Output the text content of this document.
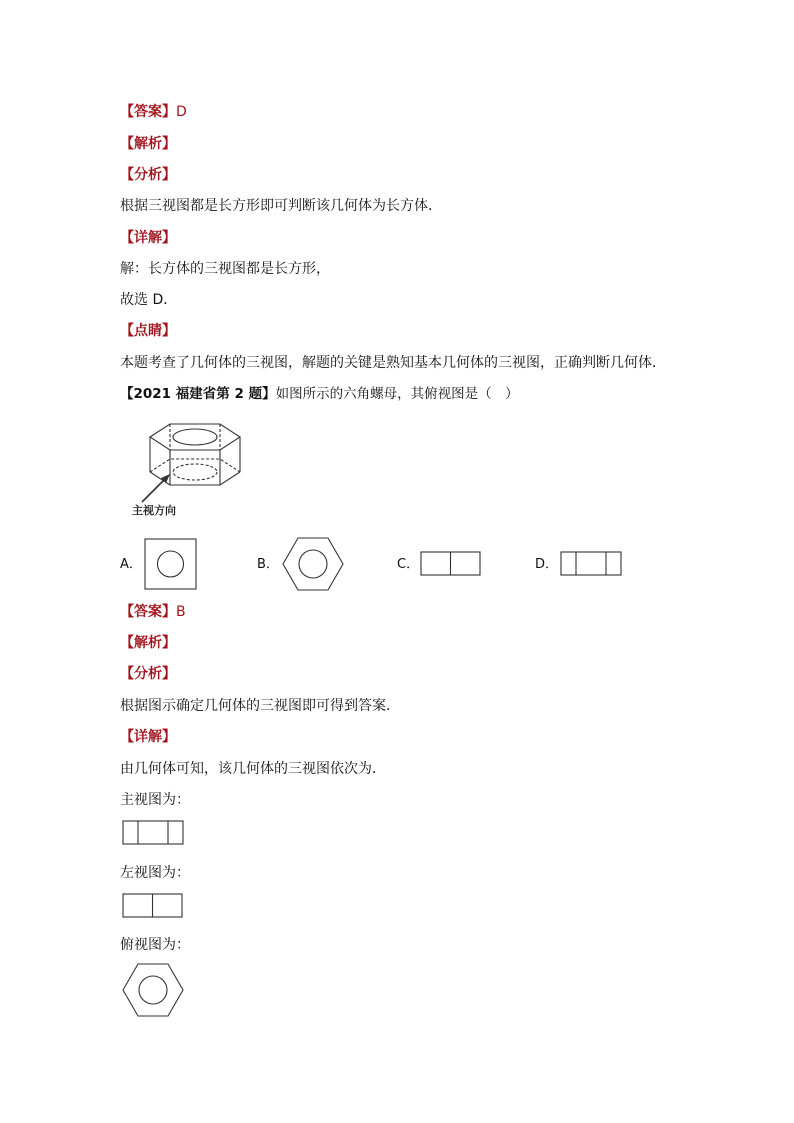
【答案】D
【解析】
【分析】
根据三视图都是长方形即可判断该几何体为长方体．
【详解】
解：长方体的三视图都是长方形，
故选 D．
【点睛】
本题考查了几何体的三视图，解题的关键是熟知基本几何体的三视图，正确判断几何体．
【2021 福建省第 2 题】如图所示的六角螺母，其俯视图是（　）
主视方向
A．	B．	C．	D．
【答案】B
【解析】
【分析】
根据图示确定几何体的三视图即可得到答案．
【详解】
由几何体可知，该几何体的三视图依次为．
主视图为：
左视图为：
俯视图为：
